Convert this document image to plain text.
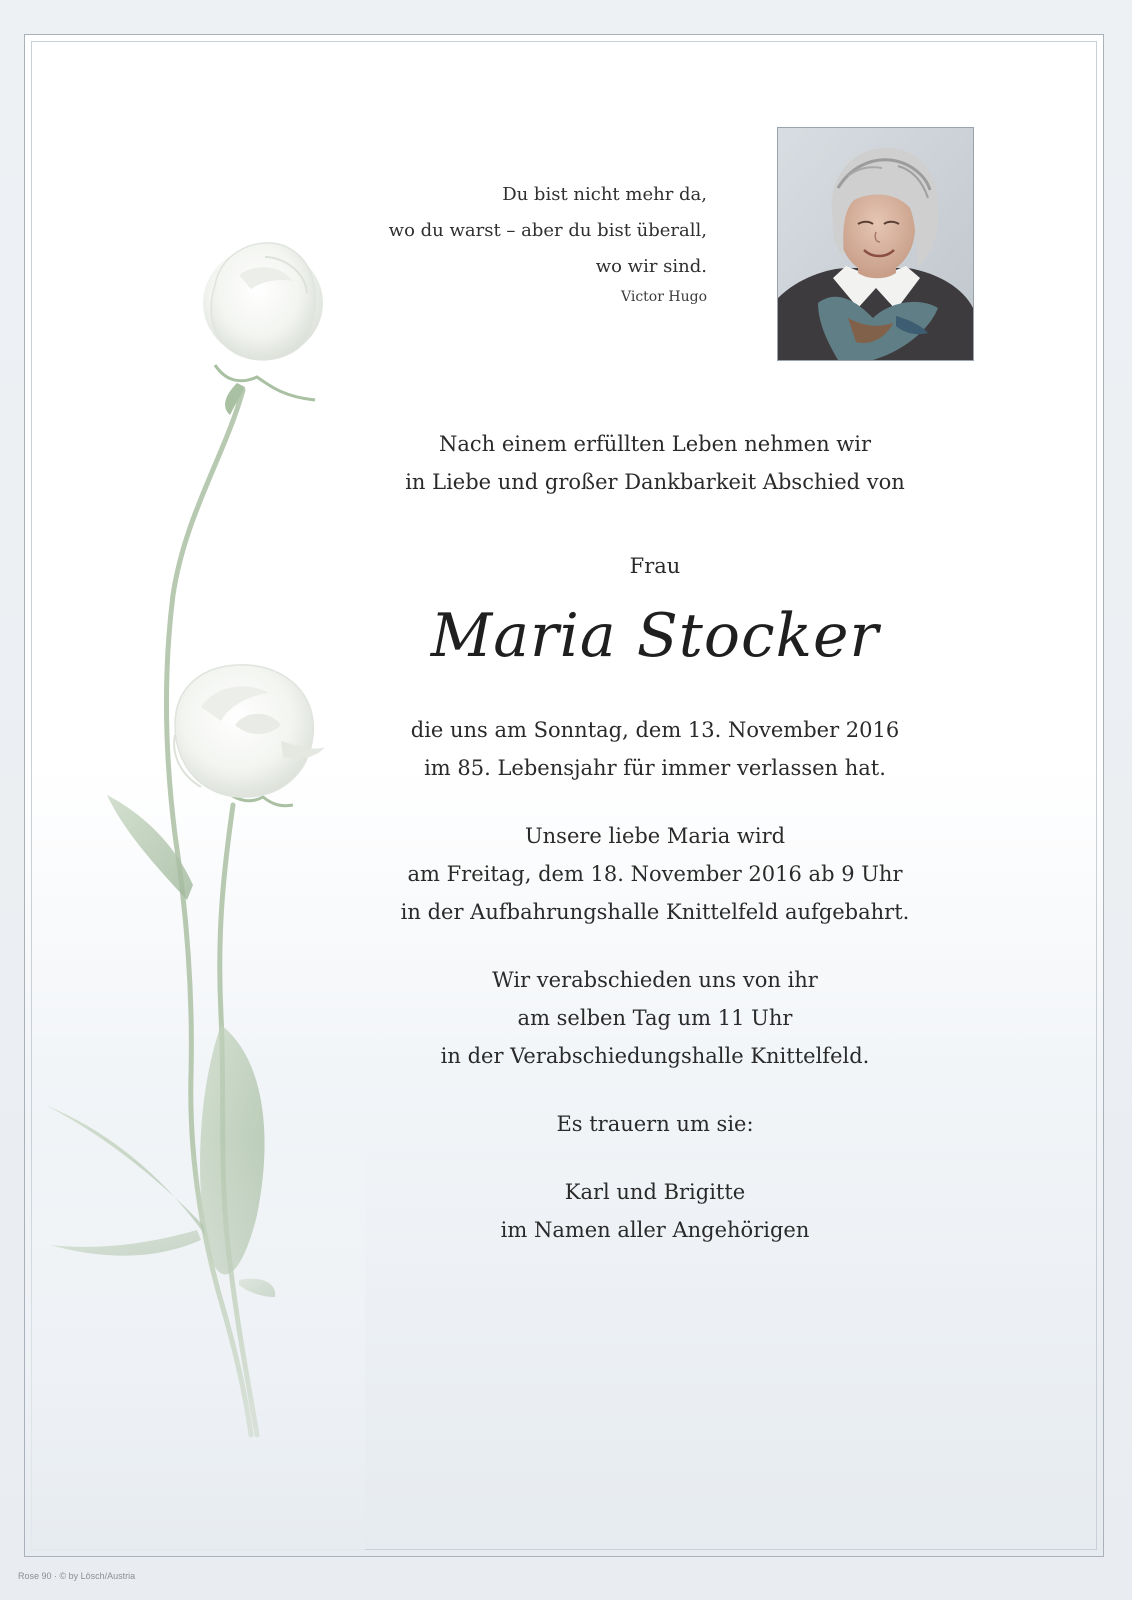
Du bist nicht mehr da,
wo du warst – aber du bist überall,
wo wir sind.
Victor Hugo
Nach einem erfüllten Leben nehmen wir
in Liebe und großer Dankbarkeit Abschied von
Frau
Maria Stocker
die uns am Sonntag, dem 13. November 2016
im 85. Lebensjahr für immer verlassen hat.
Unsere liebe Maria wird
am Freitag, dem 18. November 2016 ab 9 Uhr
in der Aufbahrungshalle Knittelfeld aufgebahrt.
Wir verabschieden uns von ihr
am selben Tag um 11 Uhr
in der Verabschiedungshalle Knittelfeld.
Es trauern um sie:
Karl und Brigitte
im Namen aller Angehörigen
Rose 90 · © by Lösch/Austria
